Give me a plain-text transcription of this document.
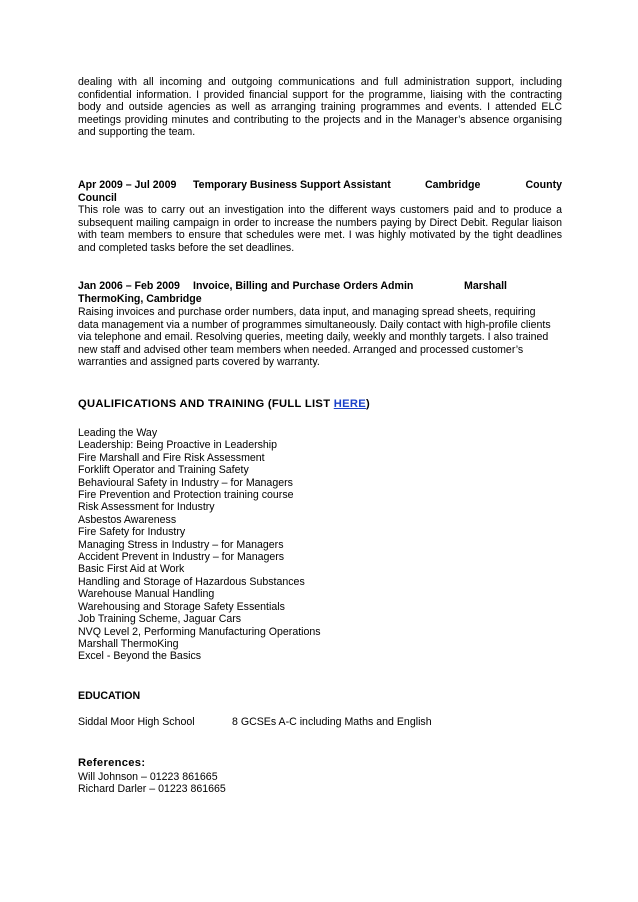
dealing with all incoming and outgoing communications and full administration support, including confidential information. I provided financial support for the programme, liaising with the contracting body and outside agencies as well as arranging training programmes and events. I attended ELC meetings providing minutes and contributing to the projects and in the Manager’s absence organising and supporting the team.

Apr 2009 – Jul 2009 Temporary Business Support Assistant	Cambridge	County
Council

This role was to carry out an investigation into the different ways customers paid and to produce a subsequent mailing campaign in order to increase the numbers paying by Direct Debit. Regular liaison with team members to ensure that schedules were met. I was highly motivated by the tight deadlines and completed tasks before the set deadlines.

Jan 2006 – Feb 2009 Invoice, Billing and Purchase Orders Admin	Marshall
ThermoKing, Cambridge
Raising invoices and purchase order numbers, data input, and managing spread sheets, requiring
data management via a number of programmes simultaneously. Daily contact with high-profile clients
via telephone and email. Resolving queries, meeting daily, weekly and monthly targets. I also trained
new staff and advised other team members when needed. Arranged and processed customer’s
warranties and assigned parts covered by warranty.
QUALIFICATIONS AND TRAINING (FULL LIST HERE)
Leading the Way
Leadership: Being Proactive in Leadership
Fire Marshall and Fire Risk Assessment
Forklift Operator and Training Safety
Behavioural Safety in Industry – for Managers
Fire Prevention and Protection training course
Risk Assessment for Industry
Asbestos Awareness
Fire Safety for Industry
Managing Stress in Industry – for Managers
Accident Prevent in Industry – for Managers
Basic First Aid at Work
Handling and Storage of Hazardous Substances
Warehouse Manual Handling
Warehousing and Storage Safety Essentials
Job Training Scheme, Jaguar Cars
NVQ Level 2, Performing Manufacturing Operations
Marshall ThermoKing
Excel - Beyond the Basics
EDUCATION
Siddal Moor High School	8 GCSEs A-C including Maths and English
References:
Will Johnson – 01223 861665
Richard Darler – 01223 861665
